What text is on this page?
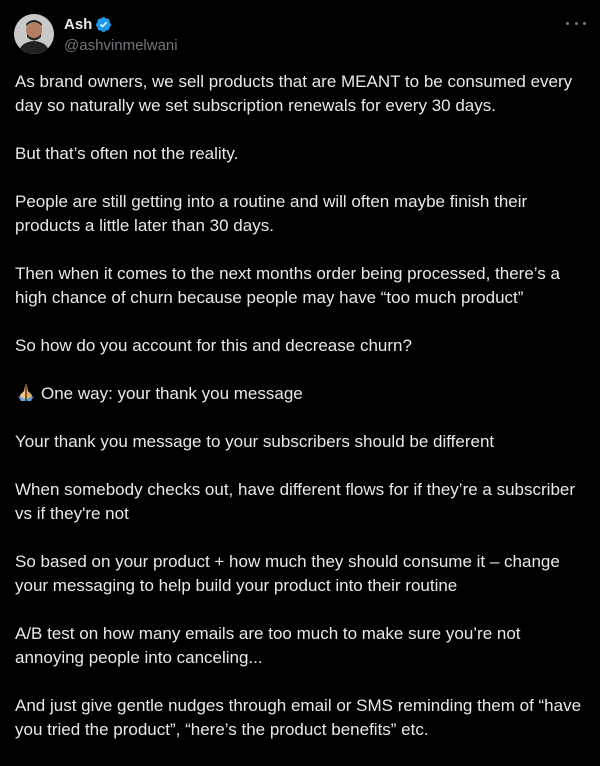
Ash
@ashvinmelwani

As brand owners, we sell products that are MEANT to be consumed every day so naturally we set subscription renewals for every 30 days.

But that’s often not the reality.

People are still getting into a routine and will often maybe finish their products a little later than 30 days.

Then when it comes to the next months order being processed, there’s a high chance of churn because people may have “too much product”

So how do you account for this and decrease churn?

One way: your thank you message

Your thank you message to your subscribers should be different

When somebody checks out, have different flows for if they’re a subscriber vs if they're not

So based on your product + how much they should consume it – change your messaging to help build your product into their routine

A/B test on how many emails are too much to make sure you’re not annoying people into canceling...

And just give gentle nudges through email or SMS reminding them of “have you tried the product”, “here’s the product benefits” etc.
